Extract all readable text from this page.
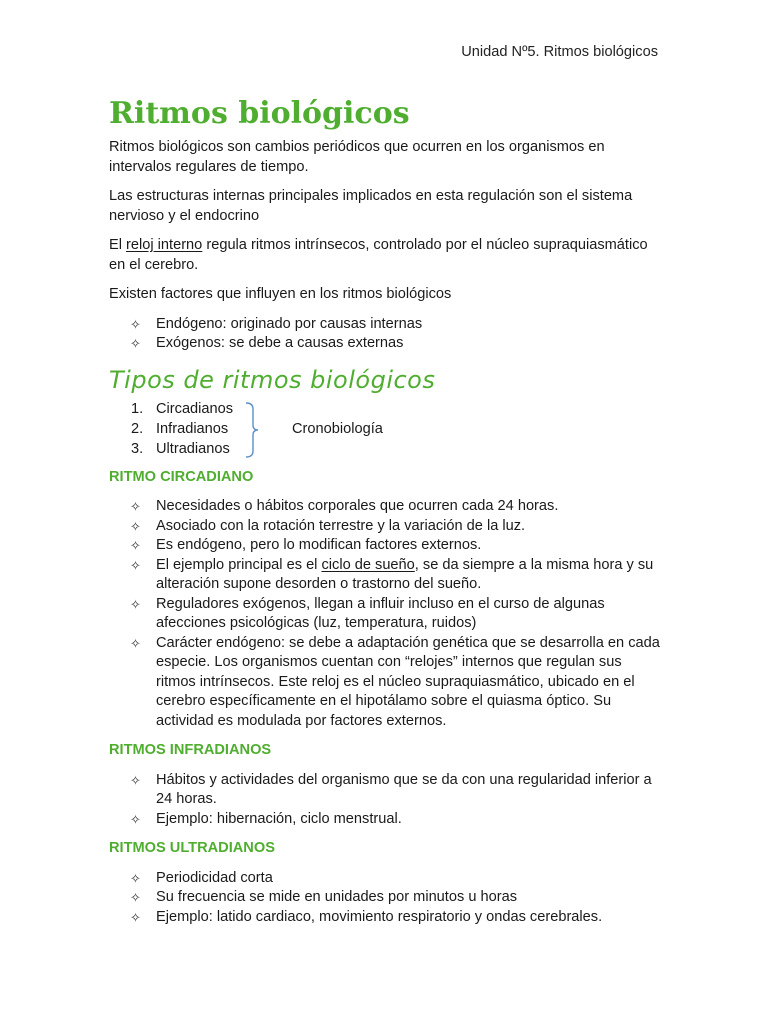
Unidad Nº5. Ritmos biológicos
Ritmos biológicos

Ritmos biológicos son cambios periódicos que ocurren en los organismos en intervalos regulares de tiempo.

Las estructuras internas principales implicados en esta regulación son el sistema nervioso y el endocrino

El reloj interno regula ritmos intrínsecos, controlado por el núcleo supraquiasmático en el cerebro.

Existen factores que influyen en los ritmos biológicos

✧ Endógeno: originado por causas internas
✧ Exógenos: se debe a causas externas
Tipos de ritmos biológicos
1. Circadianos
2. Infradianos
3. Ultradianos
Cronobiología
RITMO CIRCADIANO
✧ Necesidades o hábitos corporales que ocurren cada 24 horas.
✧ Asociado con la rotación terrestre y la variación de la luz.
✧ Es endógeno, pero lo modifican factores externos.
✧ El ejemplo principal es el ciclo de sueño, se da siempre a la misma hora y su alteración supone desorden o trastorno del sueño.
✧ Reguladores exógenos, llegan a influir incluso en el curso de algunas afecciones psicológicas (luz, temperatura, ruidos)
✧ Carácter endógeno: se debe a adaptación genética que se desarrolla en cada especie. Los organismos cuentan con “relojes” internos que regulan sus ritmos intrínsecos. Este reloj es el núcleo supraquiasmático, ubicado en el cerebro específicamente en el hipotálamo sobre el quiasma óptico. Su actividad es modulada por factores externos.
RITMOS INFRADIANOS
✧ Hábitos y actividades del organismo que se da con una regularidad inferior a 24 horas.
✧ Ejemplo: hibernación, ciclo menstrual.
RITMOS ULTRADIANOS
✧ Periodicidad corta
✧ Su frecuencia se mide en unidades por minutos u horas
✧ Ejemplo: latido cardiaco, movimiento respiratorio y ondas cerebrales.
